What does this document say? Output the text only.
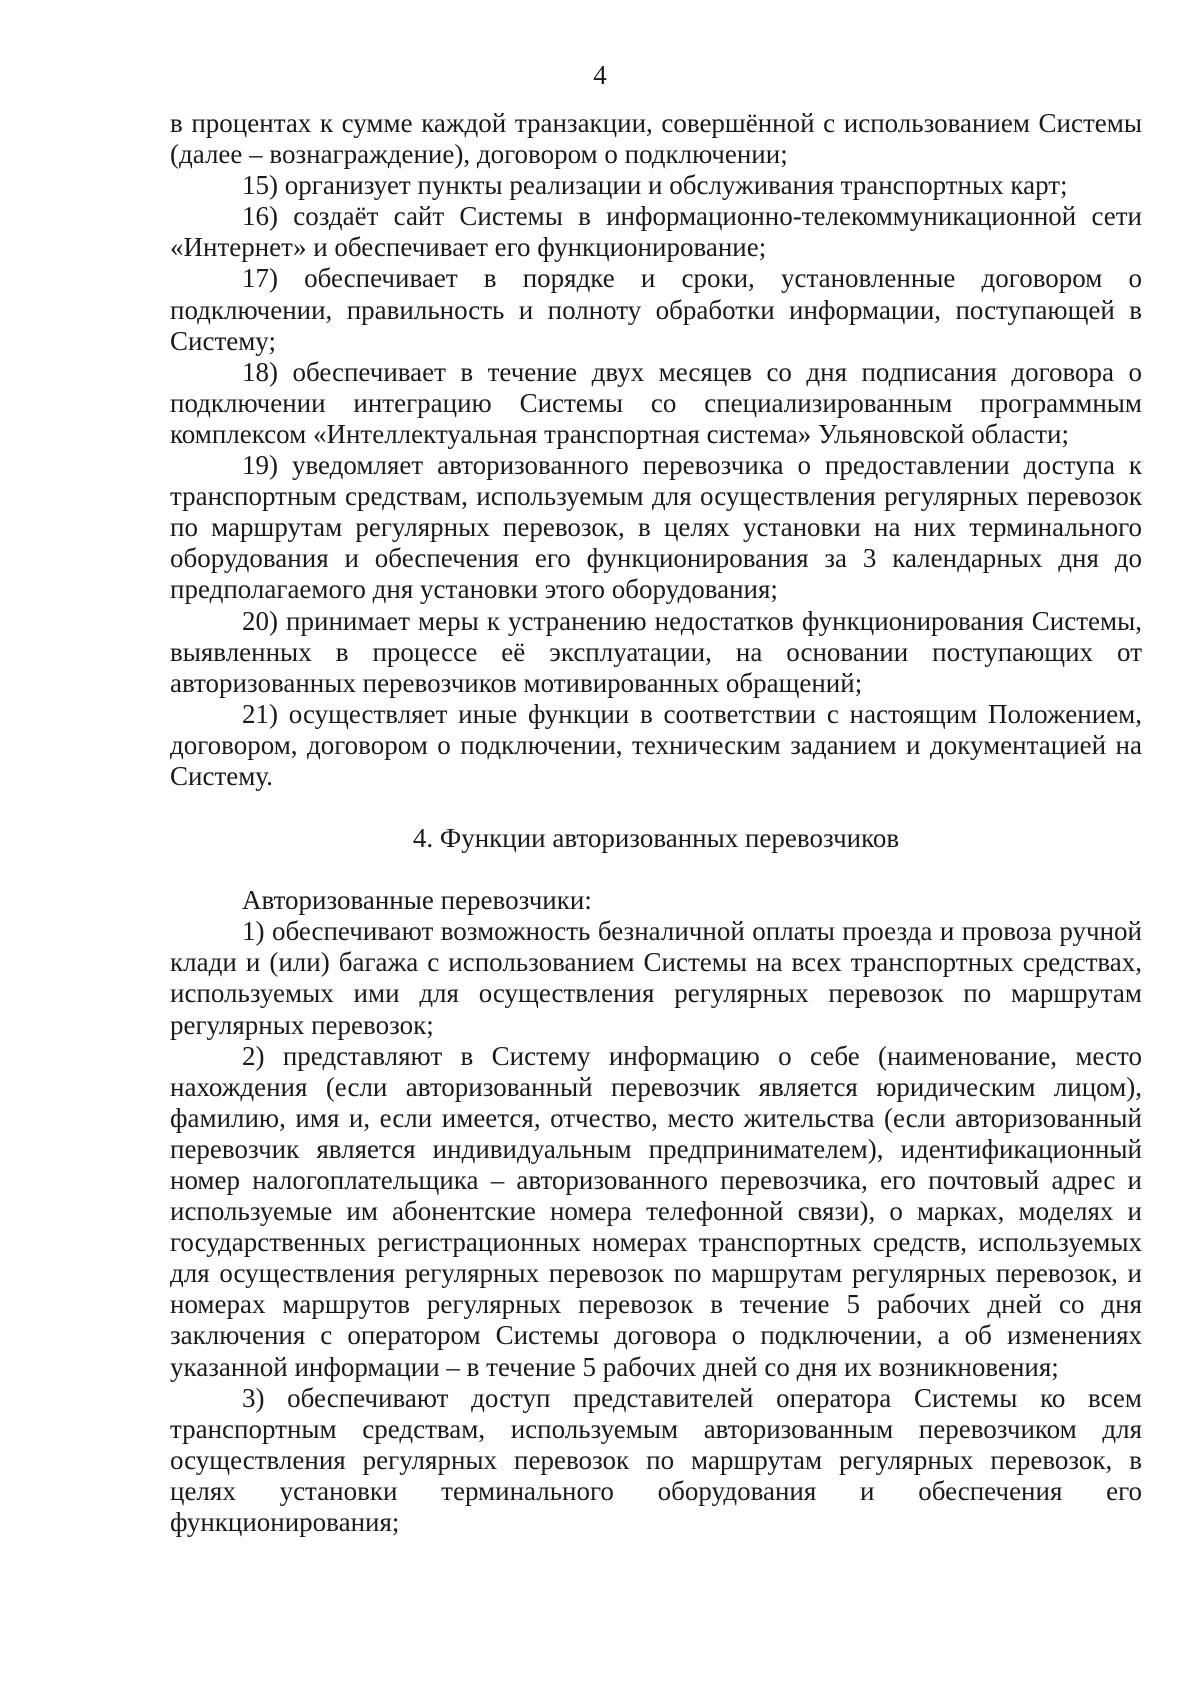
4

в процентах к сумме каждой транзакции, совершённой с использованием Системы (далее – вознаграждение), договором о подключении;

15) организует пункты реализации и обслуживания транспортных карт;

16) создаёт сайт Системы в информационно-телекоммуникационной сети «Интернет» и обеспечивает его функционирование;

17) обеспечивает в порядке и сроки, установленные договором о подключении, правильность и полноту обработки информации, поступающей в Систему;

18) обеспечивает в течение двух месяцев со дня подписания договора о подключении интеграцию Системы со специализированным программным комплексом «Интеллектуальная транспортная система» Ульяновской области;

19) уведомляет авторизованного перевозчика о предоставлении доступа к транспортным средствам, используемым для осуществления регулярных перевозок по маршрутам регулярных перевозок, в целях установки на них терминального оборудования и обеспечения его функционирования за 3 календарных дня до предполагаемого дня установки этого оборудования;

20) принимает меры к устранению недостатков функционирования Системы, выявленных в процессе её эксплуатации, на основании поступающих от авторизованных перевозчиков мотивированных обращений;

21) осуществляет иные функции в соответствии с настоящим Положением, договором, договором о подключении, техническим заданием и документацией на Систему.

4. Функции авторизованных перевозчиков

Авторизованные перевозчики:

1) обеспечивают возможность безналичной оплаты проезда и провоза ручной клади и (или) багажа с использованием Системы на всех транспортных средствах, используемых ими для осуществления регулярных перевозок по маршрутам регулярных перевозок;

2) представляют в Систему информацию о себе (наименование, место нахождения (если авторизованный перевозчик является юридическим лицом), фамилию, имя и, если имеется, отчество, место жительства (если авторизованный перевозчик является индивидуальным предпринимателем), идентификационный номер налогоплательщика – авторизованного перевозчика, его почтовый адрес и используемые им абонентские номера телефонной связи), о марках, моделях и государственных регистрационных номерах транспортных средств, используемых для осуществления регулярных перевозок по маршрутам регулярных перевозок, и номерах маршрутов регулярных перевозок в течение 5 рабочих дней со дня заключения с оператором Системы договора о подключении, а об изменениях указанной информации – в течение 5 рабочих дней со дня их возникновения;

3) обеспечивают доступ представителей оператора Системы ко всем транспортным средствам, используемым авторизованным перевозчиком для осуществления регулярных перевозок по маршрутам регулярных перевозок, в целях установки терминального оборудования и обеспечения его функционирования;
